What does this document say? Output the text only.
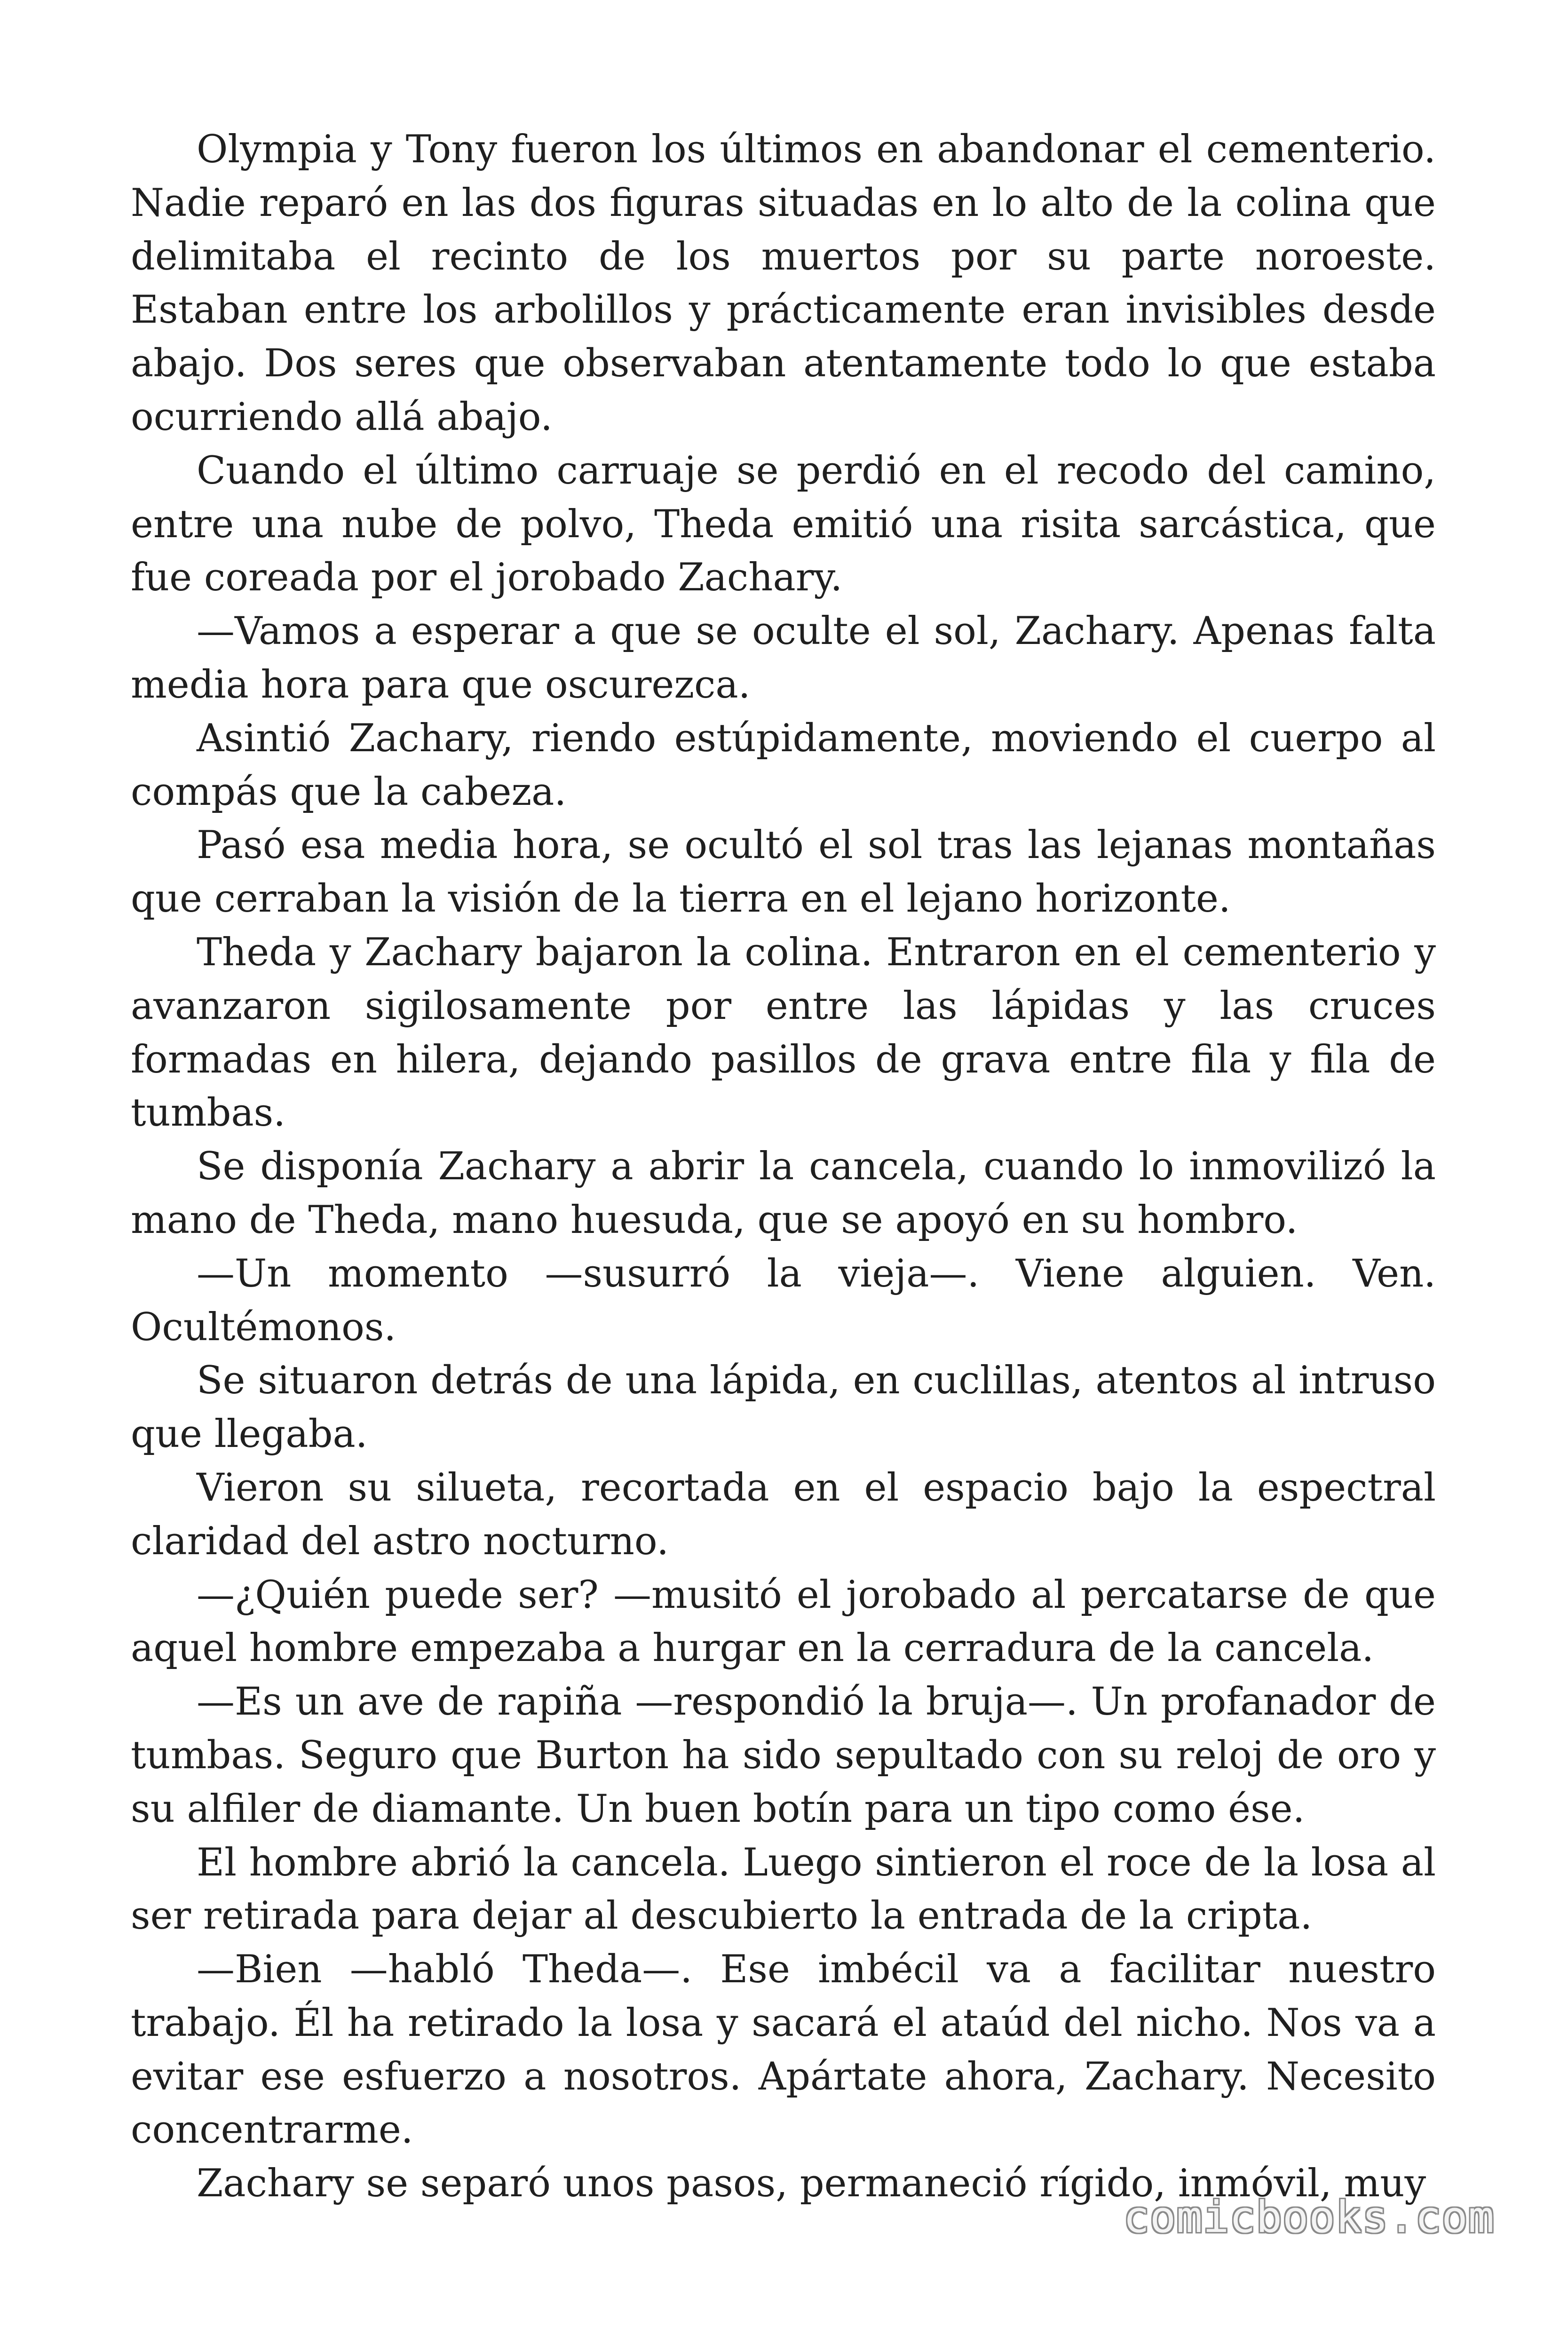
Olympia y Tony fueron los últimos en abandonar el cementerio. Nadie reparó en las dos figuras situadas en lo alto de la colina que delimitaba el recinto de los muertos por su parte noroeste. Estaban entre los arbolillos y prácticamente eran invisibles desde abajo. Dos seres que observaban atentamente todo lo que estaba ocurriendo allá abajo.

Cuando el último carruaje se perdió en el recodo del camino, entre una nube de polvo, Theda emitió una risita sarcástica, que fue coreada por el jorobado Zachary.

—Vamos a esperar a que se oculte el sol, Zachary. Apenas falta media hora para que oscurezca.

Asintió Zachary, riendo estúpidamente, moviendo el cuerpo al compás que la cabeza.

Pasó esa media hora, se ocultó el sol tras las lejanas montañas que cerraban la visión de la tierra en el lejano horizonte.

Theda y Zachary bajaron la colina. Entraron en el cementerio y avanzaron sigilosamente por entre las lápidas y las cruces formadas en hilera, dejando pasillos de grava entre fila y fila de tumbas.

Se disponía Zachary a abrir la cancela, cuando lo inmovilizó la mano de Theda, mano huesuda, que se apoyó en su hombro.

—Un momento —susurró la vieja—. Viene alguien. Ven. Ocultémonos.

Se situaron detrás de una lápida, en cuclillas, atentos al intruso que llegaba.

Vieron su silueta, recortada en el espacio bajo la espectral claridad del astro nocturno.

—¿Quién puede ser? —musitó el jorobado al percatarse de que aquel hombre empezaba a hurgar en la cerradura de la cancela.

—Es un ave de rapiña —respondió la bruja—. Un profanador de tumbas. Seguro que Burton ha sido sepultado con su reloj de oro y su alfiler de diamante. Un buen botín para un tipo como ése.

El hombre abrió la cancela. Luego sintieron el roce de la losa al ser retirada para dejar al descubierto la entrada de la cripta.

—Bien —habló Theda—. Ese imbécil va a facilitar nuestro trabajo. Él ha retirado la losa y sacará el ataúd del nicho. Nos va a evitar ese esfuerzo a nosotros. Apártate ahora, Zachary. Necesito concentrarme.

Zachary se separó unos pasos, permaneció rígido, inmóvil, muy

comicbooks.com
